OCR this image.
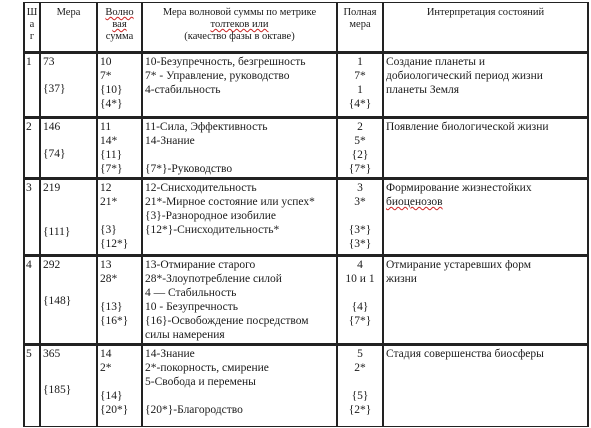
Ш
а
г
Мера	Волно
вая
сумма
Мера волновой суммы по метрике
толтеков или
(качество фазы в октаве)
Полная
мера
Интерпретация состояний
1 73
{37}
10
7*
{10}
{4*}
10-Безупречность, безгрешность
7* - Управление, руководство
4-стабильность
1
7*
1
{4*}
Создание планеты и
добиологический период жизни
планеты Земля
2 146
{74}
11
14*
{11}
{7*}
11-Сила, Эффективность
14-Знание
{7*}-Руководство
2
5*
{2}
{7*}
Появление биологической жизни
3 219
{111}
12
21*
{3}
{12*}
12-Снисходительность
21*-Мирное состояние или успех*
{3}-Разнородное изобилие
{12*}-Снисходительность*
3
3*
{3*}
{3*}
Формирование жизнестойких
биоценозов
4 292
{148}
13
28*
{13}
{16*}
13-Отмирание старого
28*-Злоупотребление силой
4 — Стабильность
10 - Безупречность
{16}-Освобождение посредством
силы намерения
4
10 и 1
{4}
{7*}
Отмирание устаревших форм
жизни
5 365
{185}
14
2*
{14}
{20*}
14-Знание
2*-покорность, смирение
5-Свобода и перемены
{20*}-Благородство
5
2*
{5}
{2*}
Стадия совершенства биосферы
